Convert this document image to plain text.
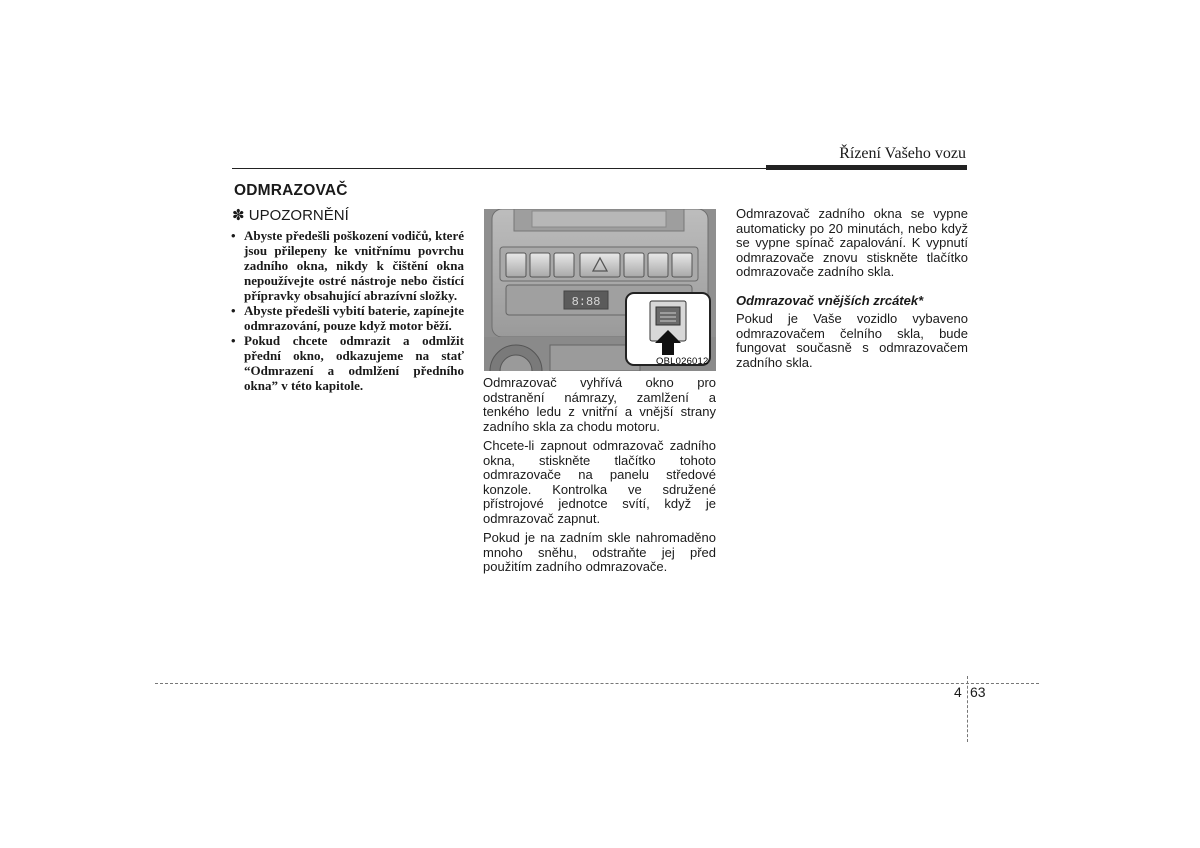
Řízení Vašeho vozu
ODMRAZOVAČ
✽ UPOZORNĚNÍ
• Abyste předešli poškození vodičů, které jsou přilepeny ke vnitřnímu povrchu zadního okna, nikdy k čištění okna nepoužívejte ostré nástroje nebo čistící přípravky obsahující abrazívní složky.
• Abyste předešli vybití baterie, zapínejte odmrazování, pouze když motor běží.
• Pokud chcete odmrazit a odmlžit přední okno, odkazujeme na stať “Odmrazení a odmlžení předního okna” v této kapitole.
8:88
OBL026012

Odmrazovač vyhřívá okno pro odstranění námrazy, zamlžení a tenkého ledu z vnitřní a vnější strany zadního skla za chodu motoru.

Chcete-li zapnout odmrazovač zadního okna, stiskněte tlačítko tohoto odmrazovače na panelu středové konzole. Kontrolka ve sdružené přístrojové jednotce svítí, když je odmrazovač zapnut.

Pokud je na zadním skle nahromaděno mnoho sněhu, odstraňte jej před použitím zadního odmrazovače.

Odmrazovač zadního okna se vypne automaticky po 20 minutách, nebo když se vypne spínač zapalování. K vypnutí odmrazovače znovu stiskněte tlačítko odmrazovače zadního skla.

Odmrazovač vnějších zrcátek*

Pokud je Vaše vozidlo vybaveno odmrazovačem čelního skla, bude fungovat současně s odmrazovačem zadního skla.

4 63
